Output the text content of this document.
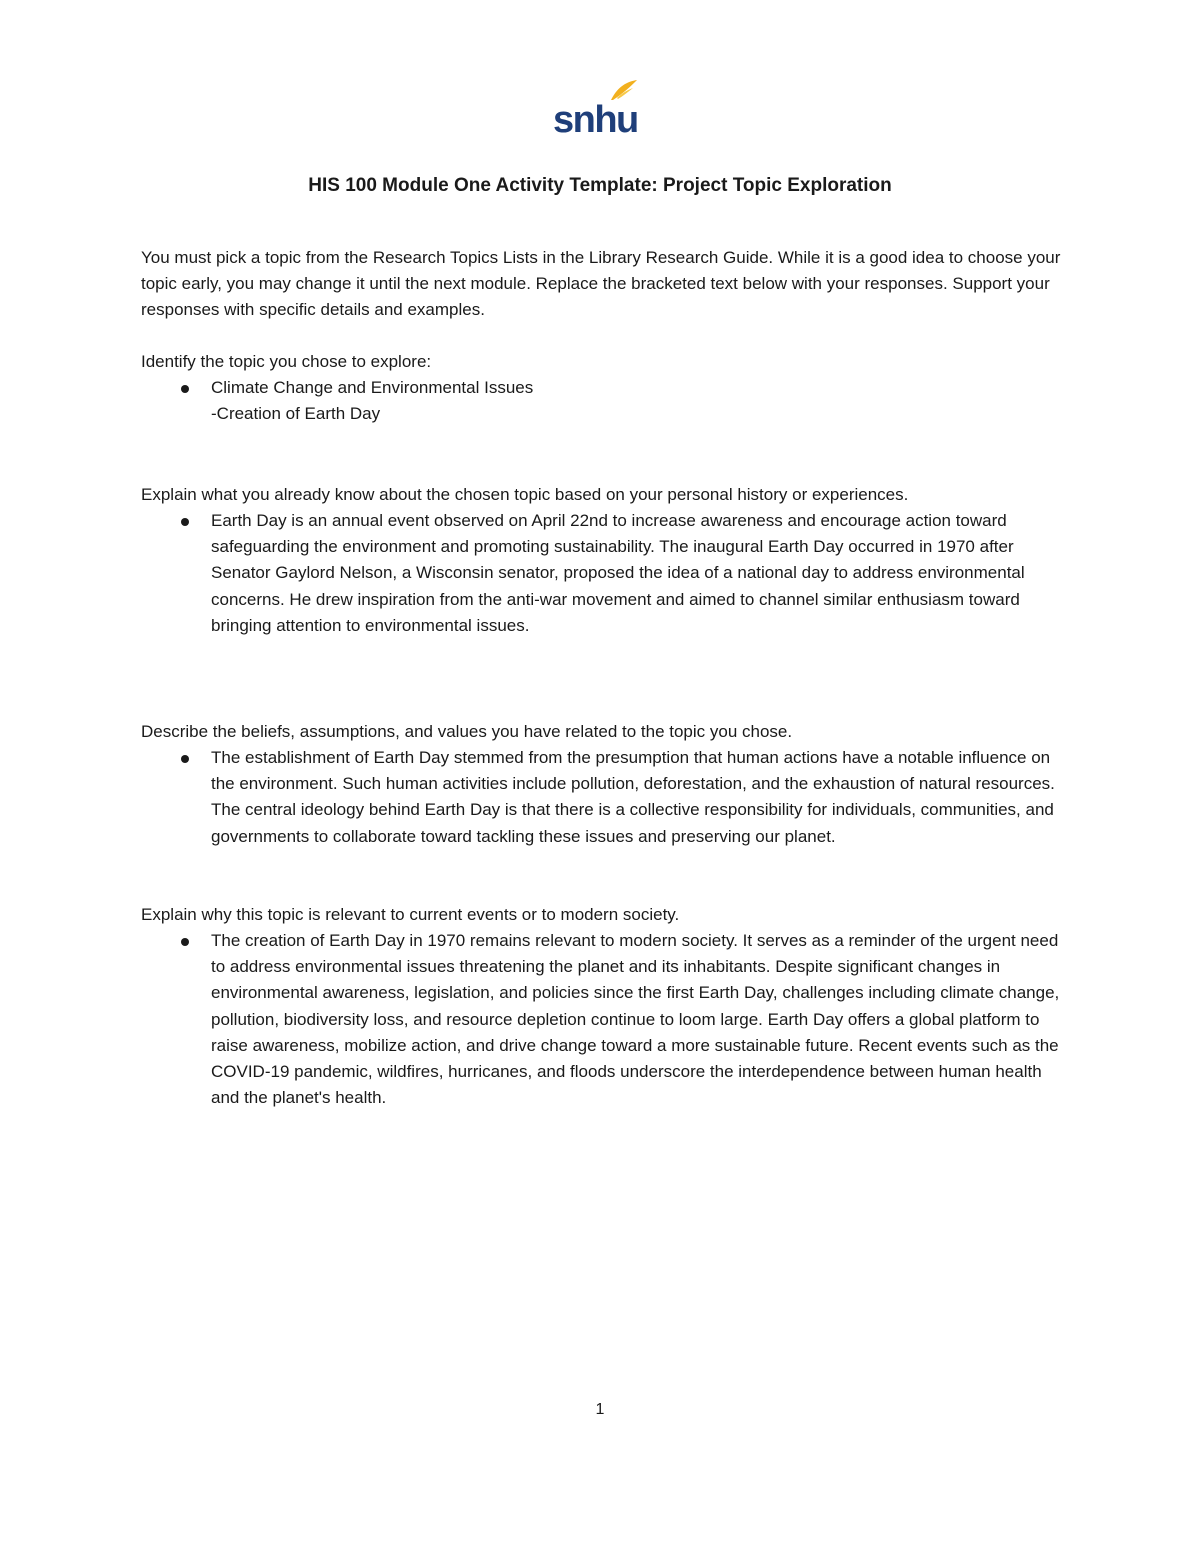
snhu
HIS 100 Module One Activity Template: Project Topic Exploration

You must pick a topic from the Research Topics Lists in the Library Research Guide. While it is a good idea to choose your topic early, you may change it until the next module. Replace the bracketed text below with your responses. Support your responses with specific details and examples.

Identify the topic you chose to explore:

Climate Change and Environmental Issues
-Creation of Earth Day

Explain what you already know about the chosen topic based on your personal history or experiences.

Earth Day is an annual event observed on April 22nd to increase awareness and encourage action toward safeguarding the environment and promoting sustainability. The inaugural Earth Day occurred in 1970 after Senator Gaylord Nelson, a Wisconsin senator, proposed the idea of a national day to address environmental concerns. He drew inspiration from the anti-war movement and aimed to channel similar enthusiasm toward bringing attention to environmental issues.

Describe the beliefs, assumptions, and values you have related to the topic you chose.

The establishment of Earth Day stemmed from the presumption that human actions have a notable influence on the environment. Such human activities include pollution, deforestation, and the exhaustion of natural resources. The central ideology behind Earth Day is that there is a collective responsibility for individuals, communities, and governments to collaborate toward tackling these issues and preserving our planet.

Explain why this topic is relevant to current events or to modern society.

The creation of Earth Day in 1970 remains relevant to modern society. It serves as a reminder of the urgent need to address environmental issues threatening the planet and its inhabitants. Despite significant changes in environmental awareness, legislation, and policies since the first Earth Day, challenges including climate change, pollution, biodiversity loss, and resource depletion continue to loom large. Earth Day offers a global platform to raise awareness, mobilize action, and drive change toward a more sustainable future. Recent events such as the COVID-19 pandemic, wildfires, hurricanes, and floods underscore the interdependence between human health and the planet's health.
1
